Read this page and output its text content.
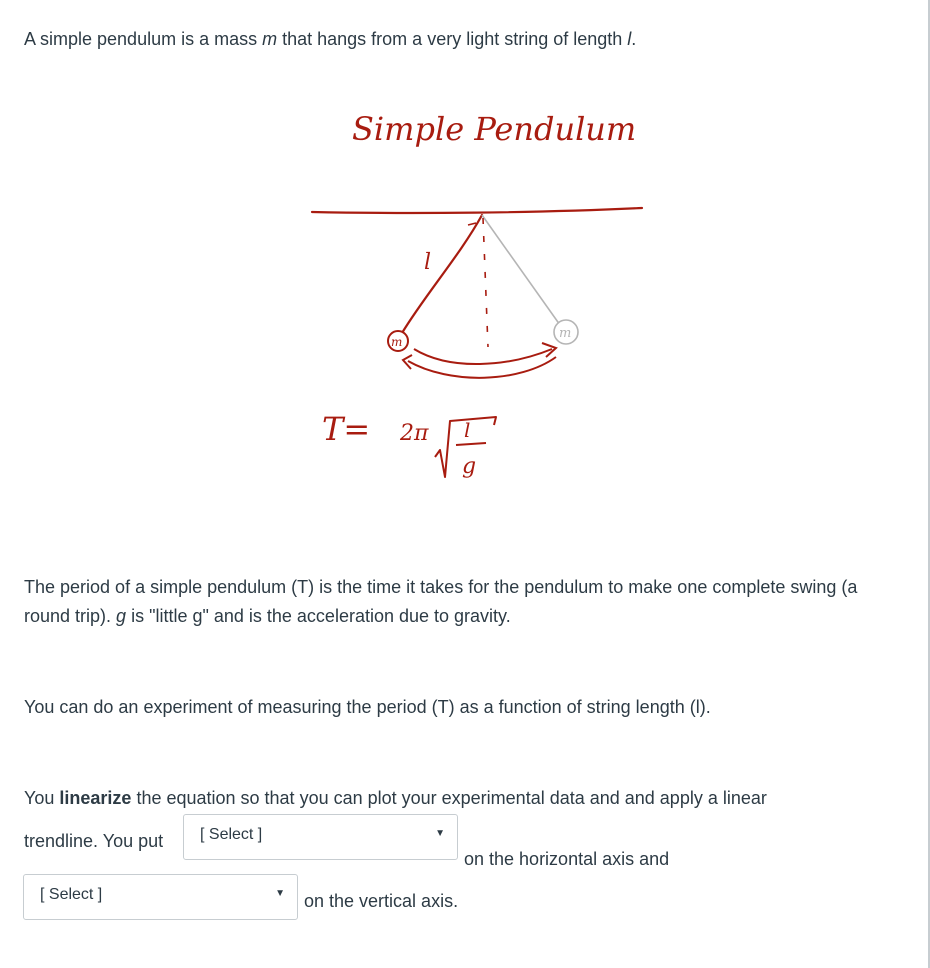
A simple pendulum is a mass m that hangs from a very light string of length l.

Simple Pendulum
l
m
m
T= 2π l
g

The period of a simple pendulum (T) is the time it takes for the pendulum to make one complete swing (a round trip). g is "little g" and is the acceleration due to gravity.

You can do an experiment of measuring the period (T) as a function of string length (l).

You linearize the equation so that you can plot your experimental data and and apply a linear

trendline. You put [ Select ]	▼

on the horizontal axis and

[ Select ]	▼ on the vertical axis.
